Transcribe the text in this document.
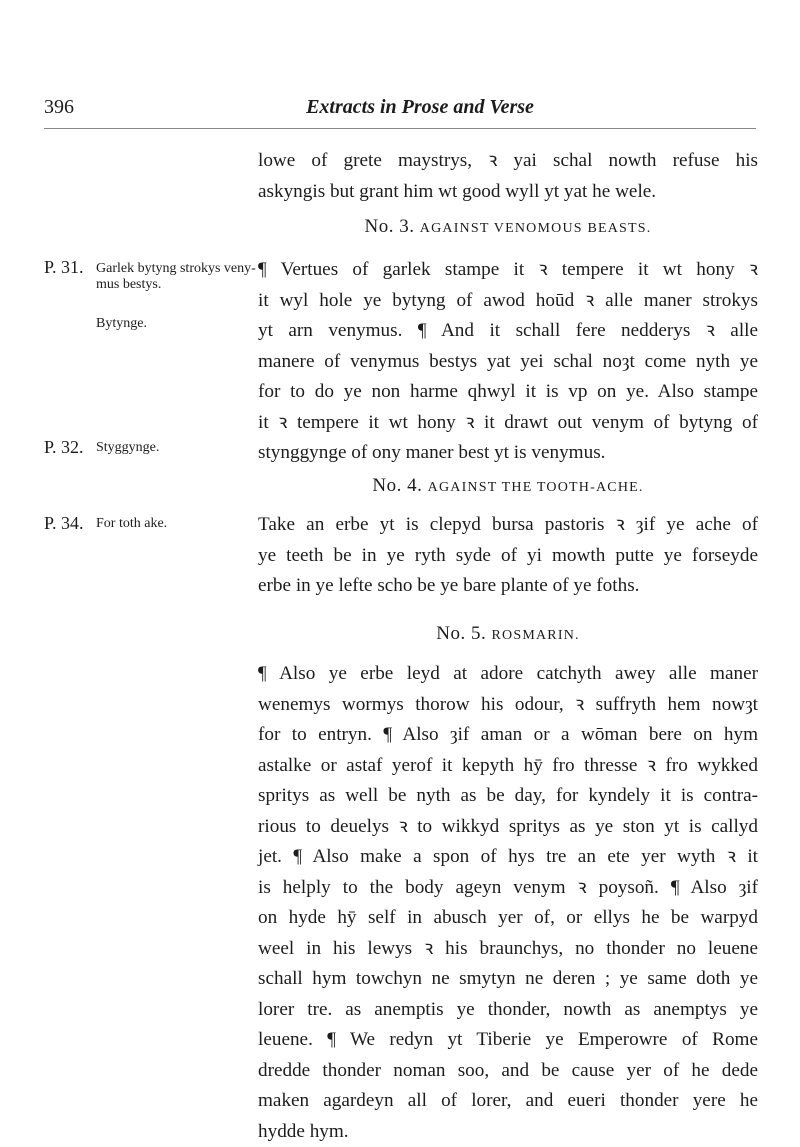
396	Extracts in Prose and Verse
lowe of grete maystrys, ꝛ yai schal nowth refuse his
askyngis but grant him wt good wyll yt yat he wele.
No. 3. AGAINST VENOMOUS BEASTS.
¶ Vertues of garlek stampe it ꝛ tempere it wt hony ꝛ
it wyl hole ye bytyng of awod hoūd ꝛ alle maner strokys
yt arn venymus. ¶ And it schall fere nedderys ꝛ alle
manere of venymus bestys yat yei schal noȝt come nyth ye
for to do ye non harme qhwyl it is vp on ye. Also stampe
it ꝛ tempere it wt hony ꝛ it drawt out venym of bytyng of
stynggynge of ony maner best yt is venymus.
No. 4. AGAINST THE TOOTH-ACHE.
Take an erbe yt is clepyd bursa pastoris ꝛ ȝif ye ache of
ye teeth be in ye ryth syde of yi mowth putte ye forseyde
erbe in ye lefte scho be ye bare plante of ye foths.
No. 5. ROSMARIN.
¶ Also ye erbe leyd at adore catchyth awey alle maner
wenemys wormys thorow his odour, ꝛ suffryth hem nowȝt
for to entryn. ¶ Also ȝif aman or a wōman bere on hym
astalke or astaf yerof it kepyth hȳ fro thresse ꝛ fro wykked
spritys as well be nyth as be day, for kyndely it is contra-
rious to deuelys ꝛ to wikkyd spritys as ye ston yt is callyd
jet. ¶ Also make a spon of hys tre an ete yer wyth ꝛ it
is helply to the body ageyn venym ꝛ poysoñ. ¶ Also ȝif
on hyde hȳ self in abusch yer of, or ellys he be warpyd
weel in his lewys ꝛ his braunchys, no thonder no leuene
schall hym towchyn ne smytyn ne deren ; ye same doth ye
lorer tre. as anemptis ye thonder, nowth as anemptys ye
leuene. ¶ We redyn yt Tiberie ye Emperowre of Rome
dredde thonder noman soo, and be cause yer of he dede
maken agardeyn all of lorer, and eueri thonder yere he
hydde hym.
P. 31. Garlek bytyng strokys veny-mus bestys.
Bytynge.
P. 32. Styggynge.
P. 34. For toth ake.
